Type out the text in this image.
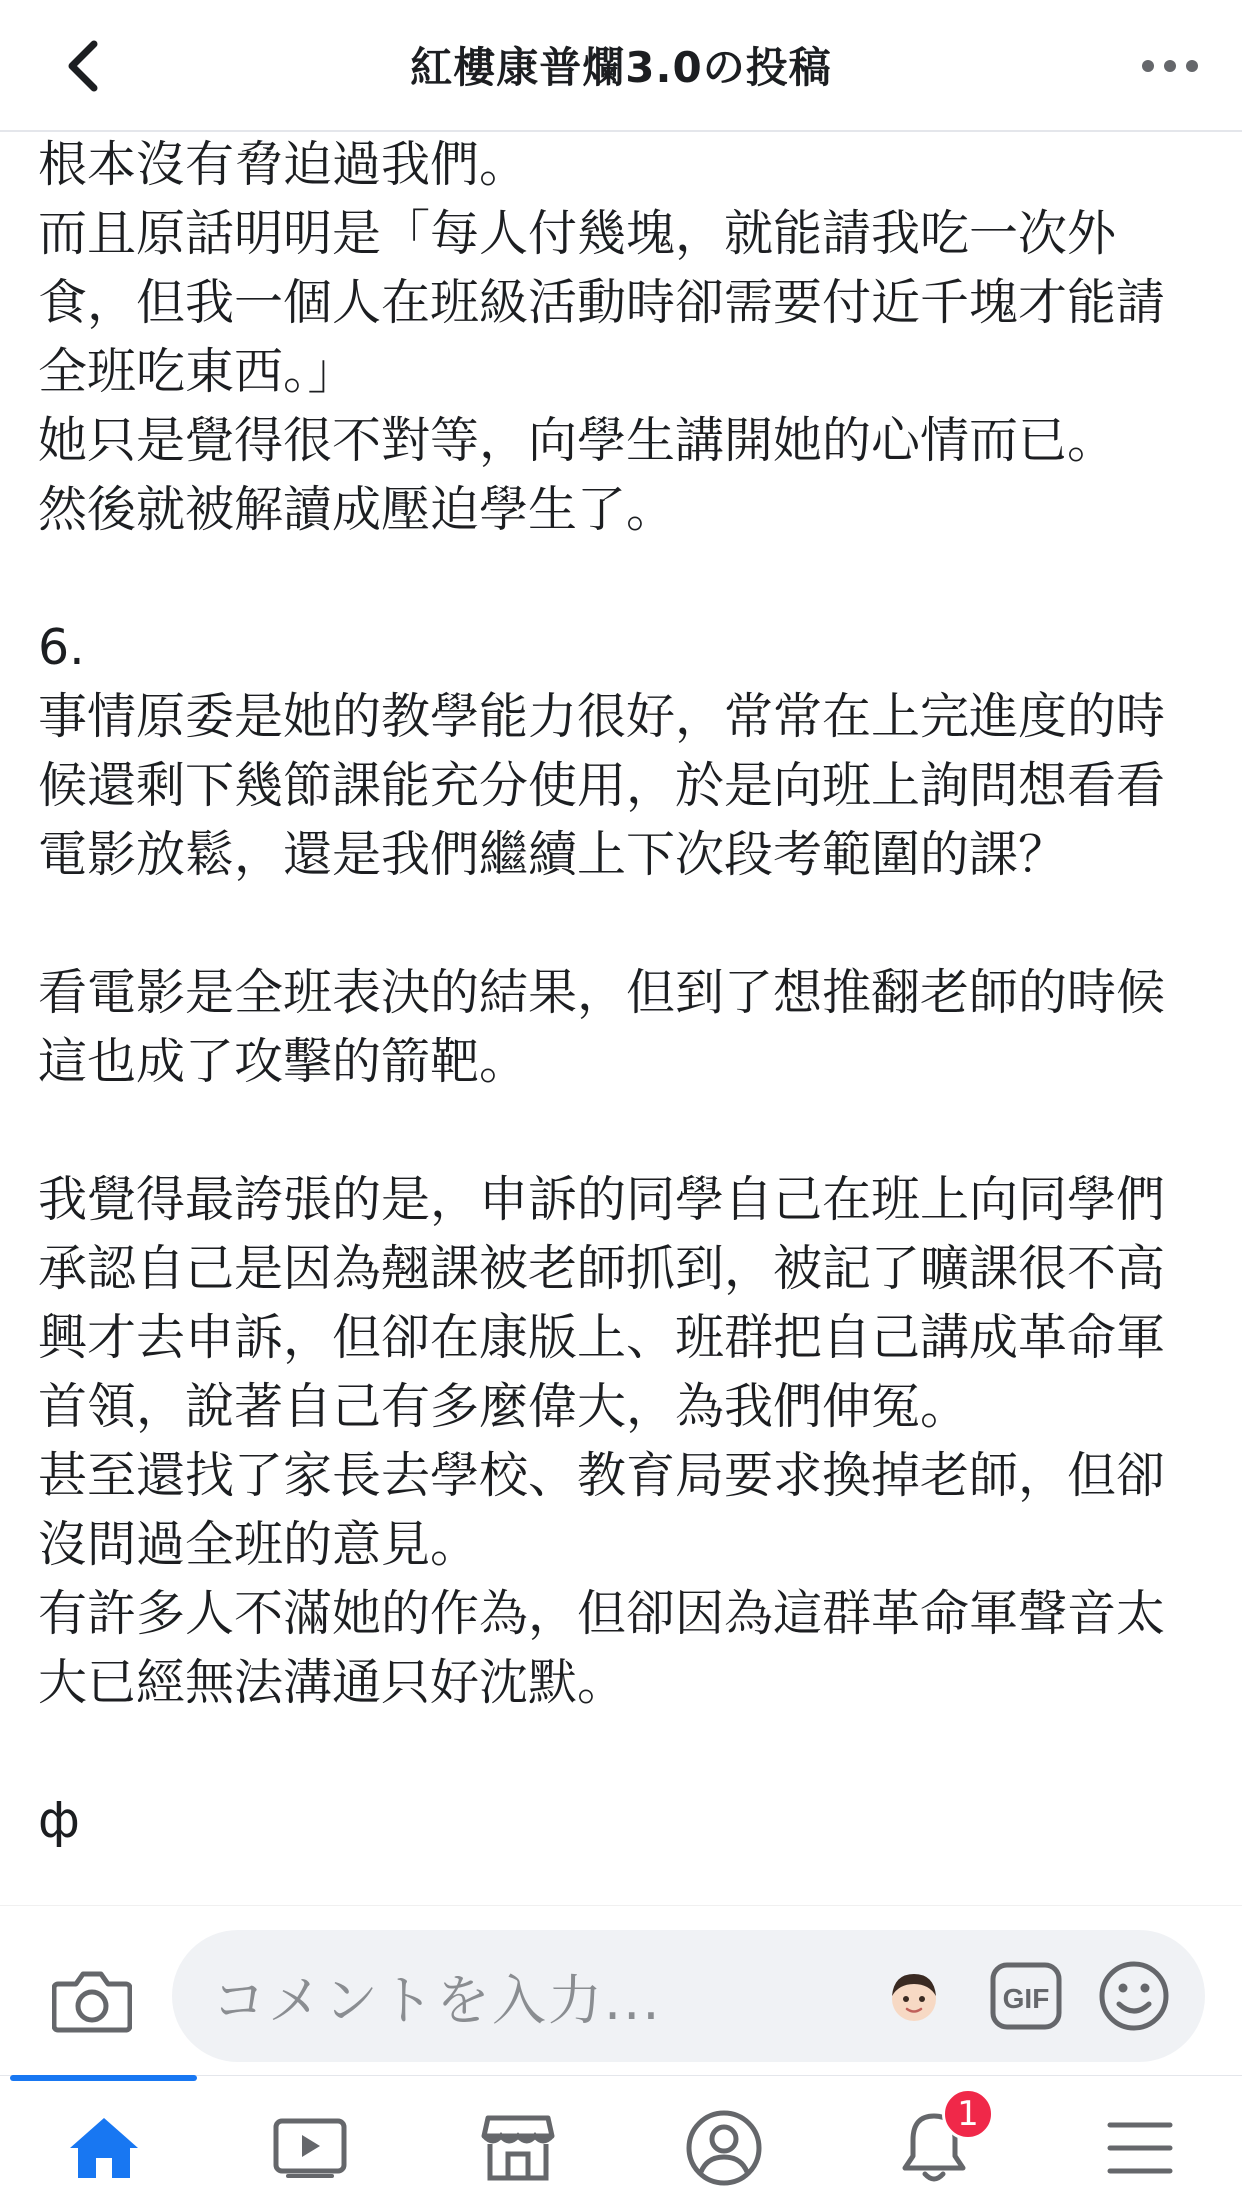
紅樓康普爛3.0の投稿

根本沒有脅迫過我們。
而且原話明明是「每人付幾塊，就能請我吃一次外食，但我一個人在班級活動時卻需要付近千塊才能請全班吃東西。」
她只是覺得很不對等，向學生講開她的心情而已。
然後就被解讀成壓迫學生了。

6.
事情原委是她的教學能力很好，常常在上完進度的時候還剩下幾節課能充分使用，於是向班上詢問想看看電影放鬆，還是我們繼續上下次段考範圍的課？

看電影是全班表決的結果，但到了想推翻老師的時候這也成了攻擊的箭靶。

我覺得最誇張的是，申訴的同學自己在班上向同學們承認自己是因為翹課被老師抓到，被記了曠課很不高興才去申訴，但卻在康版上、班群把自己講成革命軍首領，說著自己有多麼偉大，為我們伸冤。
甚至還找了家長去學校、教育局要求換掉老師，但卻沒問過全班的意見。
有許多人不滿她的作為，但卻因為這群革命軍聲音太大已經無法溝通只好沈默。

ф

コメントを入力...	GIF
1
